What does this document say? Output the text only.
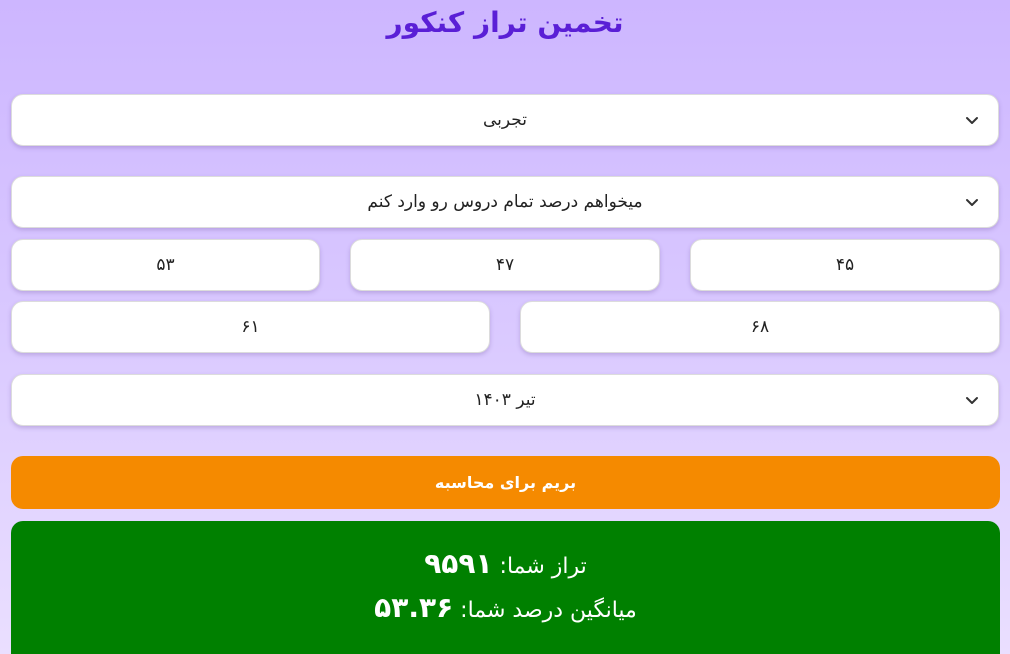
تخمین تراز کنکور
تجربی
میخواهم درصد تمام دروس رو وارد کنم
۴۵
۴۷
۵۳
۶۸
۶۱
تیر ۱۴۰۳
بریم برای محاسبه
تراز شما: ۹۵۹۱
میانگین درصد شما: ۵۳.۳۶
